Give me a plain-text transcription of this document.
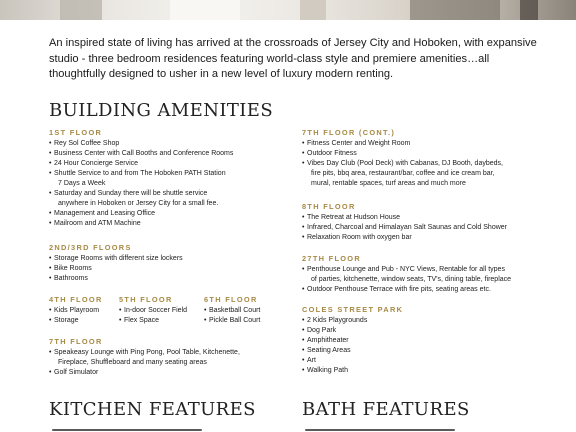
An inspired state of living has arrived at the crossroads of Jersey City and Hoboken, with expansive studio - three bedroom residences featuring world-class style and premiere amenities…all thoughtfully designed to usher in a new level of luxury modern renting.

BUILDING AMENITIES
1ST FLOOR
• Rey Sol Coffee Shop
• Business Center with Call Booths and Conference Rooms
• 24 Hour Concierge Service
• Shuttle Service to and from The Hoboken PATH Station
7 Days a Week
• Saturday and Sunday there will be shuttle service
anywhere in Hoboken or Jersey City for a small fee.
• Management and Leasing Office
• Mailroom and ATM Machine
2ND/3RD FLOORS
• Storage Rooms with different size lockers
• Bike Rooms
• Bathrooms
4TH FLOOR
• Kids Playroom
• Storage
5TH FLOOR
• In-door Soccer Field
• Flex Space
6TH FLOOR
• Basketball Court
• Pickle Ball Court
7TH FLOOR
• Speakeasy Lounge with Ping Pong, Pool Table, Kitchenette,
Fireplace, Shuffleboard and many seating areas
• Golf Simulator
7TH FLOOR (CONT.)
• Fitness Center and Weight Room
• Outdoor Fitness
• Vibes Day Club (Pool Deck) with Cabanas, DJ Booth, daybeds,
fire pits, bbq area, restaurant/bar, coffee and ice cream bar,
mural, rentable spaces, turf areas and much more
8TH FLOOR
• The Retreat at Hudson House
• Infrared, Charcoal and Himalayan Salt Saunas and Cold Shower
• Relaxation Room with oxygen bar
27TH FLOOR
• Penthouse Lounge and Pub - NYC Views, Rentable for all types
of parties, kitchenette, window seats, TV's, dining table, fireplace
• Outdoor Penthouse Terrace with fire pits, seating areas etc.
COLES STREET PARK
• 2 Kids Playgrounds
• Dog Park
• Amphitheater
• Seating Areas
• Art
• Walking Path
KITCHEN FEATURES	BATH FEATURES
